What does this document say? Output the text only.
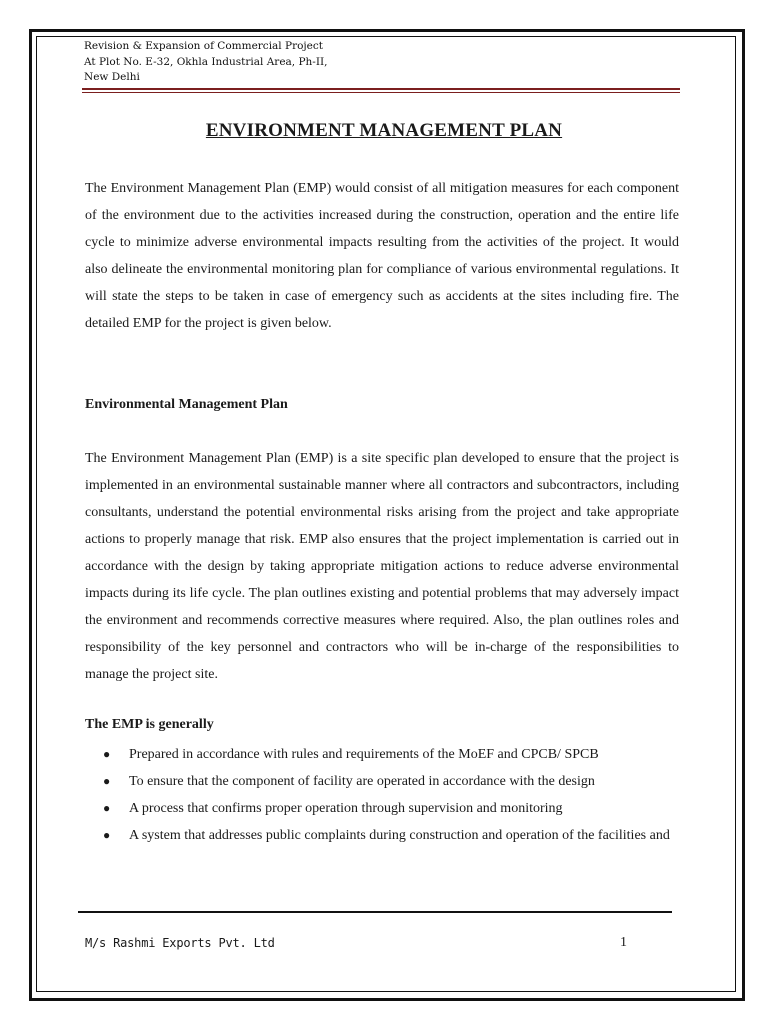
Revision & Expansion of Commercial Project
At Plot No. E-32, Okhla Industrial Area, Ph-II,
New Delhi
ENVIRONMENT MANAGEMENT PLAN

The Environment Management Plan (EMP) would consist of all mitigation measures for each component of the environment due to the activities increased during the construction, operation and the entire life cycle to minimize adverse environmental impacts resulting from the activities of the project. It would also delineate the environmental monitoring plan for compliance of various environmental regulations. It will state the steps to be taken in case of emergency such as accidents at the sites including fire. The detailed EMP for the project is given below.

Environmental Management Plan

The Environment Management Plan (EMP) is a site specific plan developed to ensure that the project is implemented in an environmental sustainable manner where all contractors and subcontractors, including consultants, understand the potential environmental risks arising from the project and take appropriate actions to properly manage that risk. EMP also ensures that the project implementation is carried out in accordance with the design by taking appropriate mitigation actions to reduce adverse environmental impacts during its life cycle. The plan outlines existing and potential problems that may adversely impact the environment and recommends corrective measures where required. Also, the plan outlines roles and responsibility of the key personnel and contractors who will be in-charge of the responsibilities to manage the project site.

The EMP is generally
● Prepared in accordance with rules and requirements of the MoEF and CPCB/ SPCB
● To ensure that the component of facility are operated in accordance with the design
● A process that confirms proper operation through supervision and monitoring
● A system that addresses public complaints during construction and operation of the facilities and
M/s Rashmi Exports Pvt. Ltd	1
